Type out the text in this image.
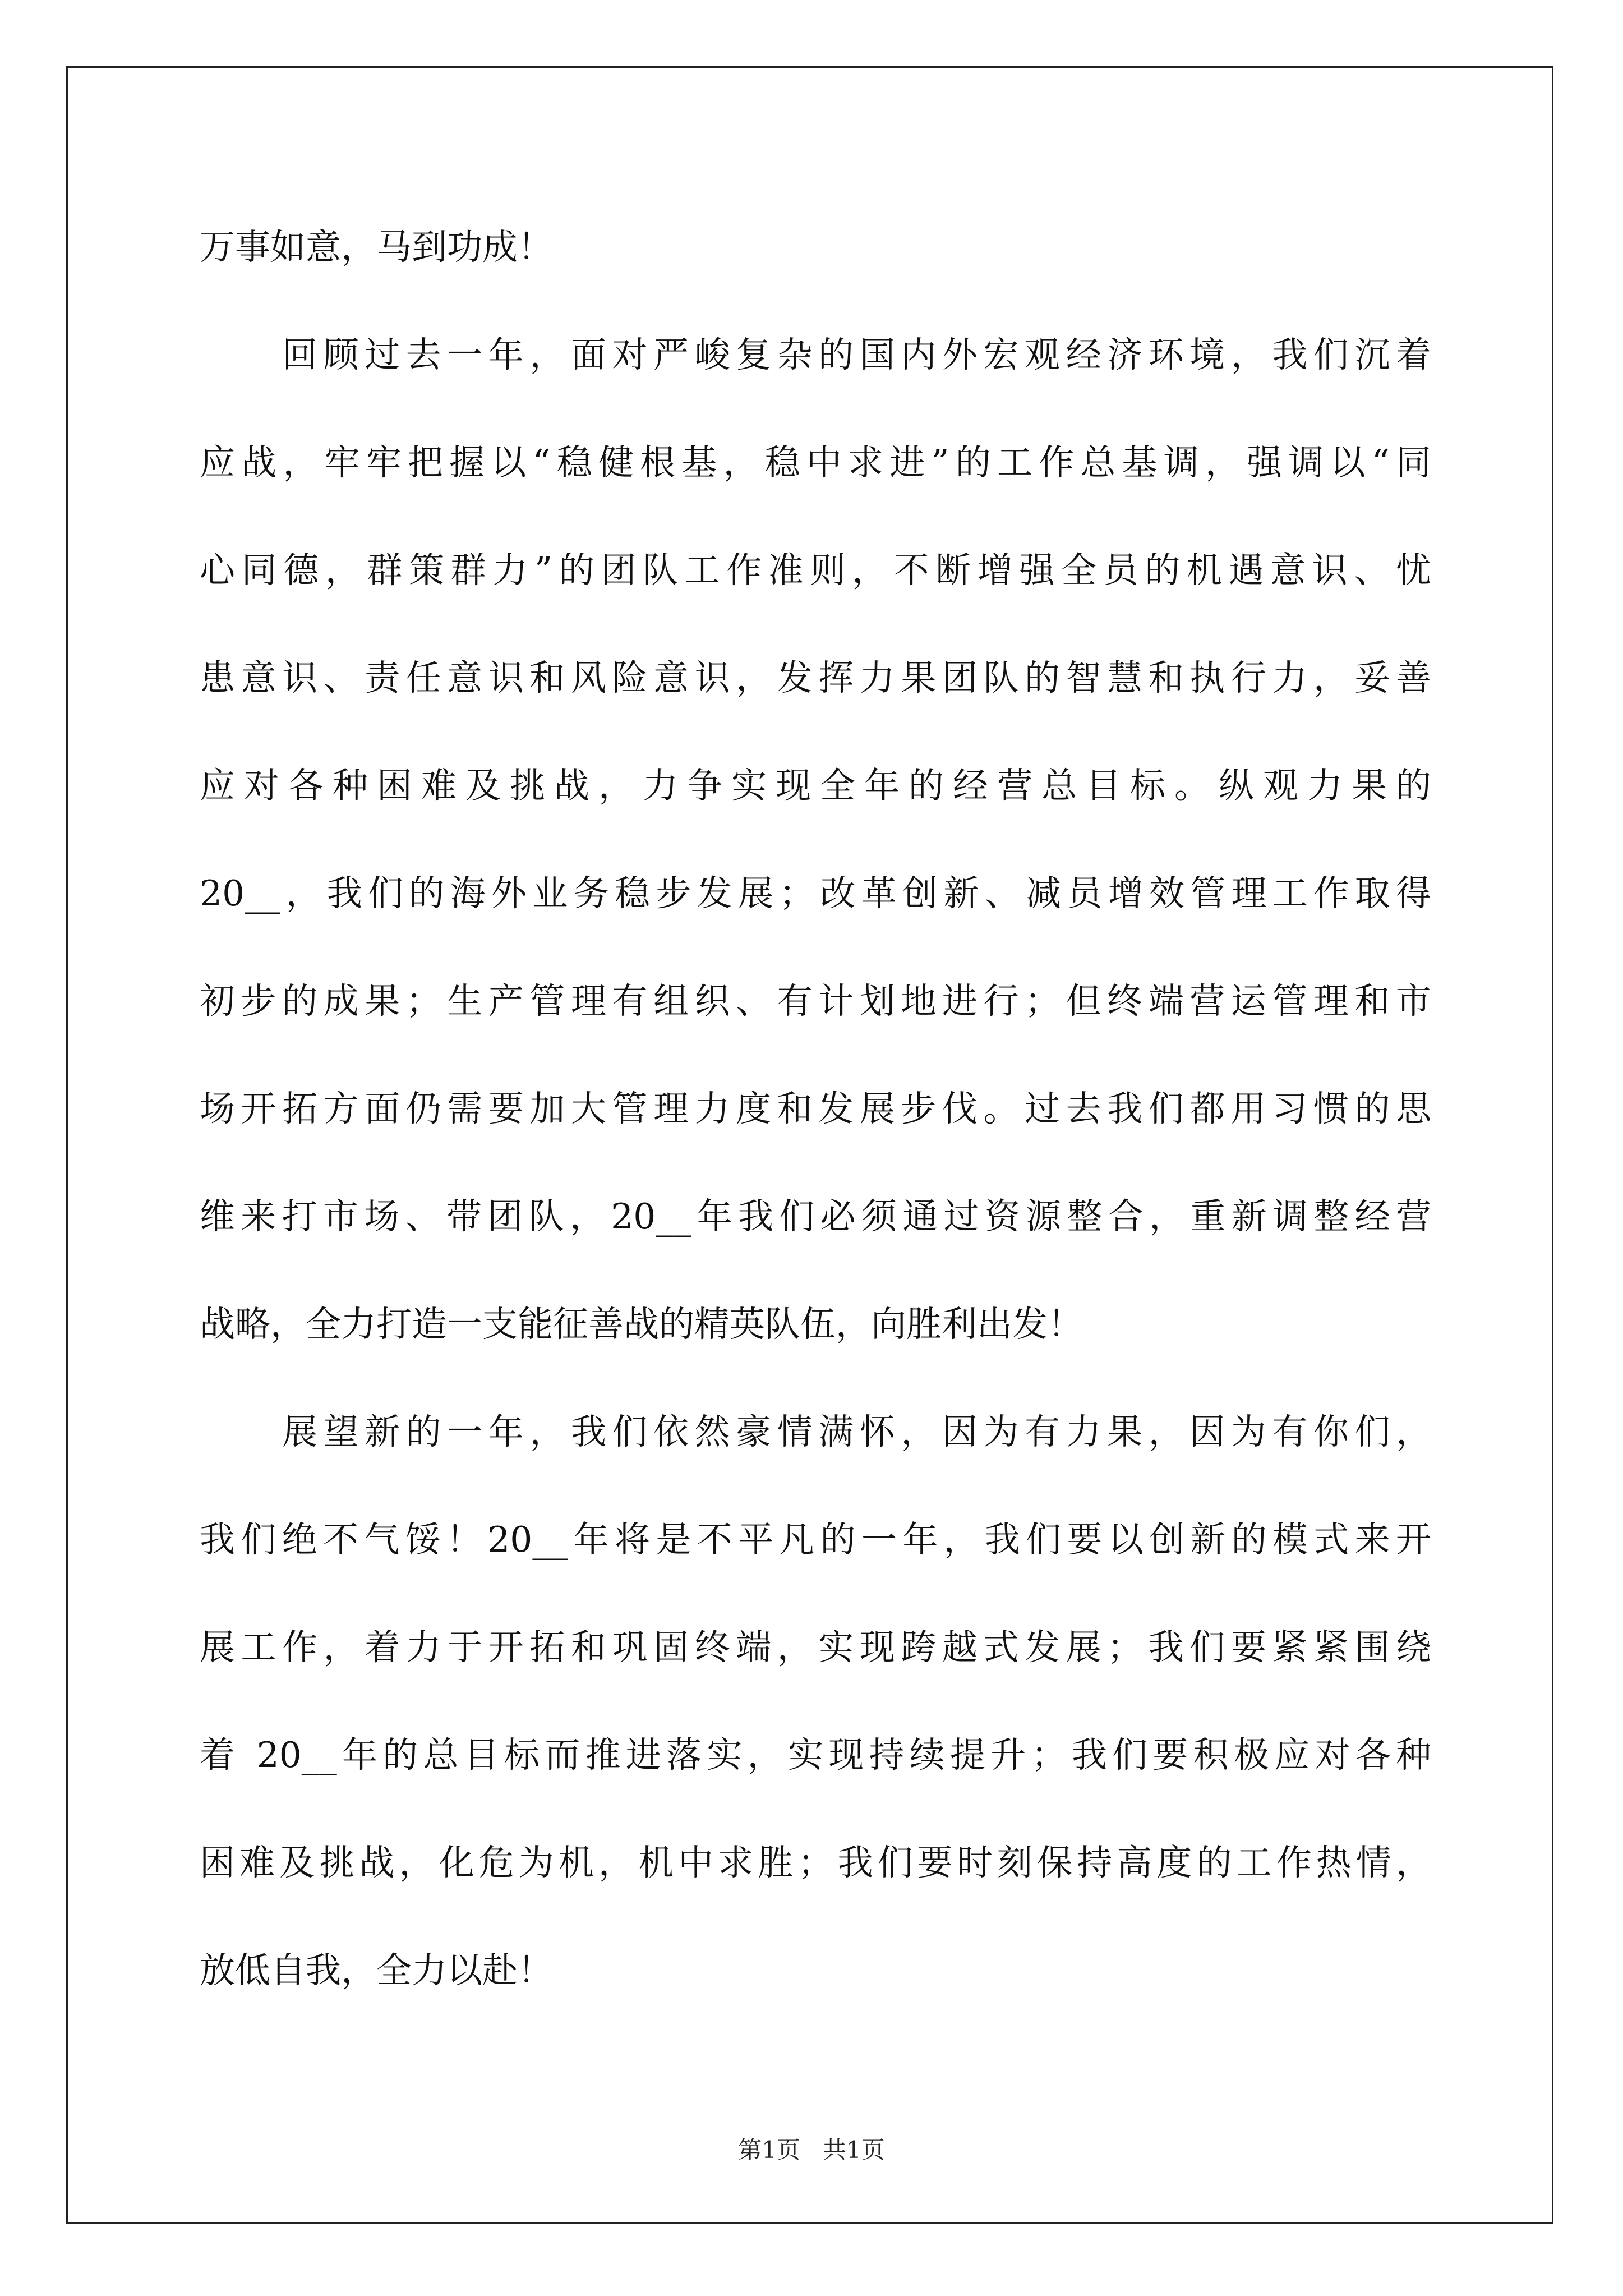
万事如意，马到功成！
　　回顾过去一年，面对严峻复杂的国内外宏观经济环境，我们沉着
应战，牢牢把握以“稳健根基，稳中求进”的工作总基调，强调以“同
心同德，群策群力”的团队工作准则，不断增强全员的机遇意识、忧
患意识、责任意识和风险意识，发挥力果团队的智慧和执行力，妥善
应对各种困难及挑战，力争实现全年的经营总目标。纵观力果的
20__，我们的海外业务稳步发展；改革创新、减员增效管理工作取得
初步的成果；生产管理有组织、有计划地进行；但终端营运管理和市
场开拓方面仍需要加大管理力度和发展步伐。过去我们都用习惯的思
维来打市场、带团队，20__年我们必须通过资源整合，重新调整经营
战略，全力打造一支能征善战的精英队伍，向胜利出发！
　　展望新的一年，我们依然豪情满怀，因为有力果，因为有你们，
我们绝不气馁！20__年将是不平凡的一年，我们要以创新的模式来开
展工作，着力于开拓和巩固终端，实现跨越式发展；我们要紧紧围绕
着 20__年的总目标而推进落实，实现持续提升；我们要积极应对各种
困难及挑战，化危为机，机中求胜；我们要时刻保持高度的工作热情，
放低自我，全力以赴！
第1页   共1页
